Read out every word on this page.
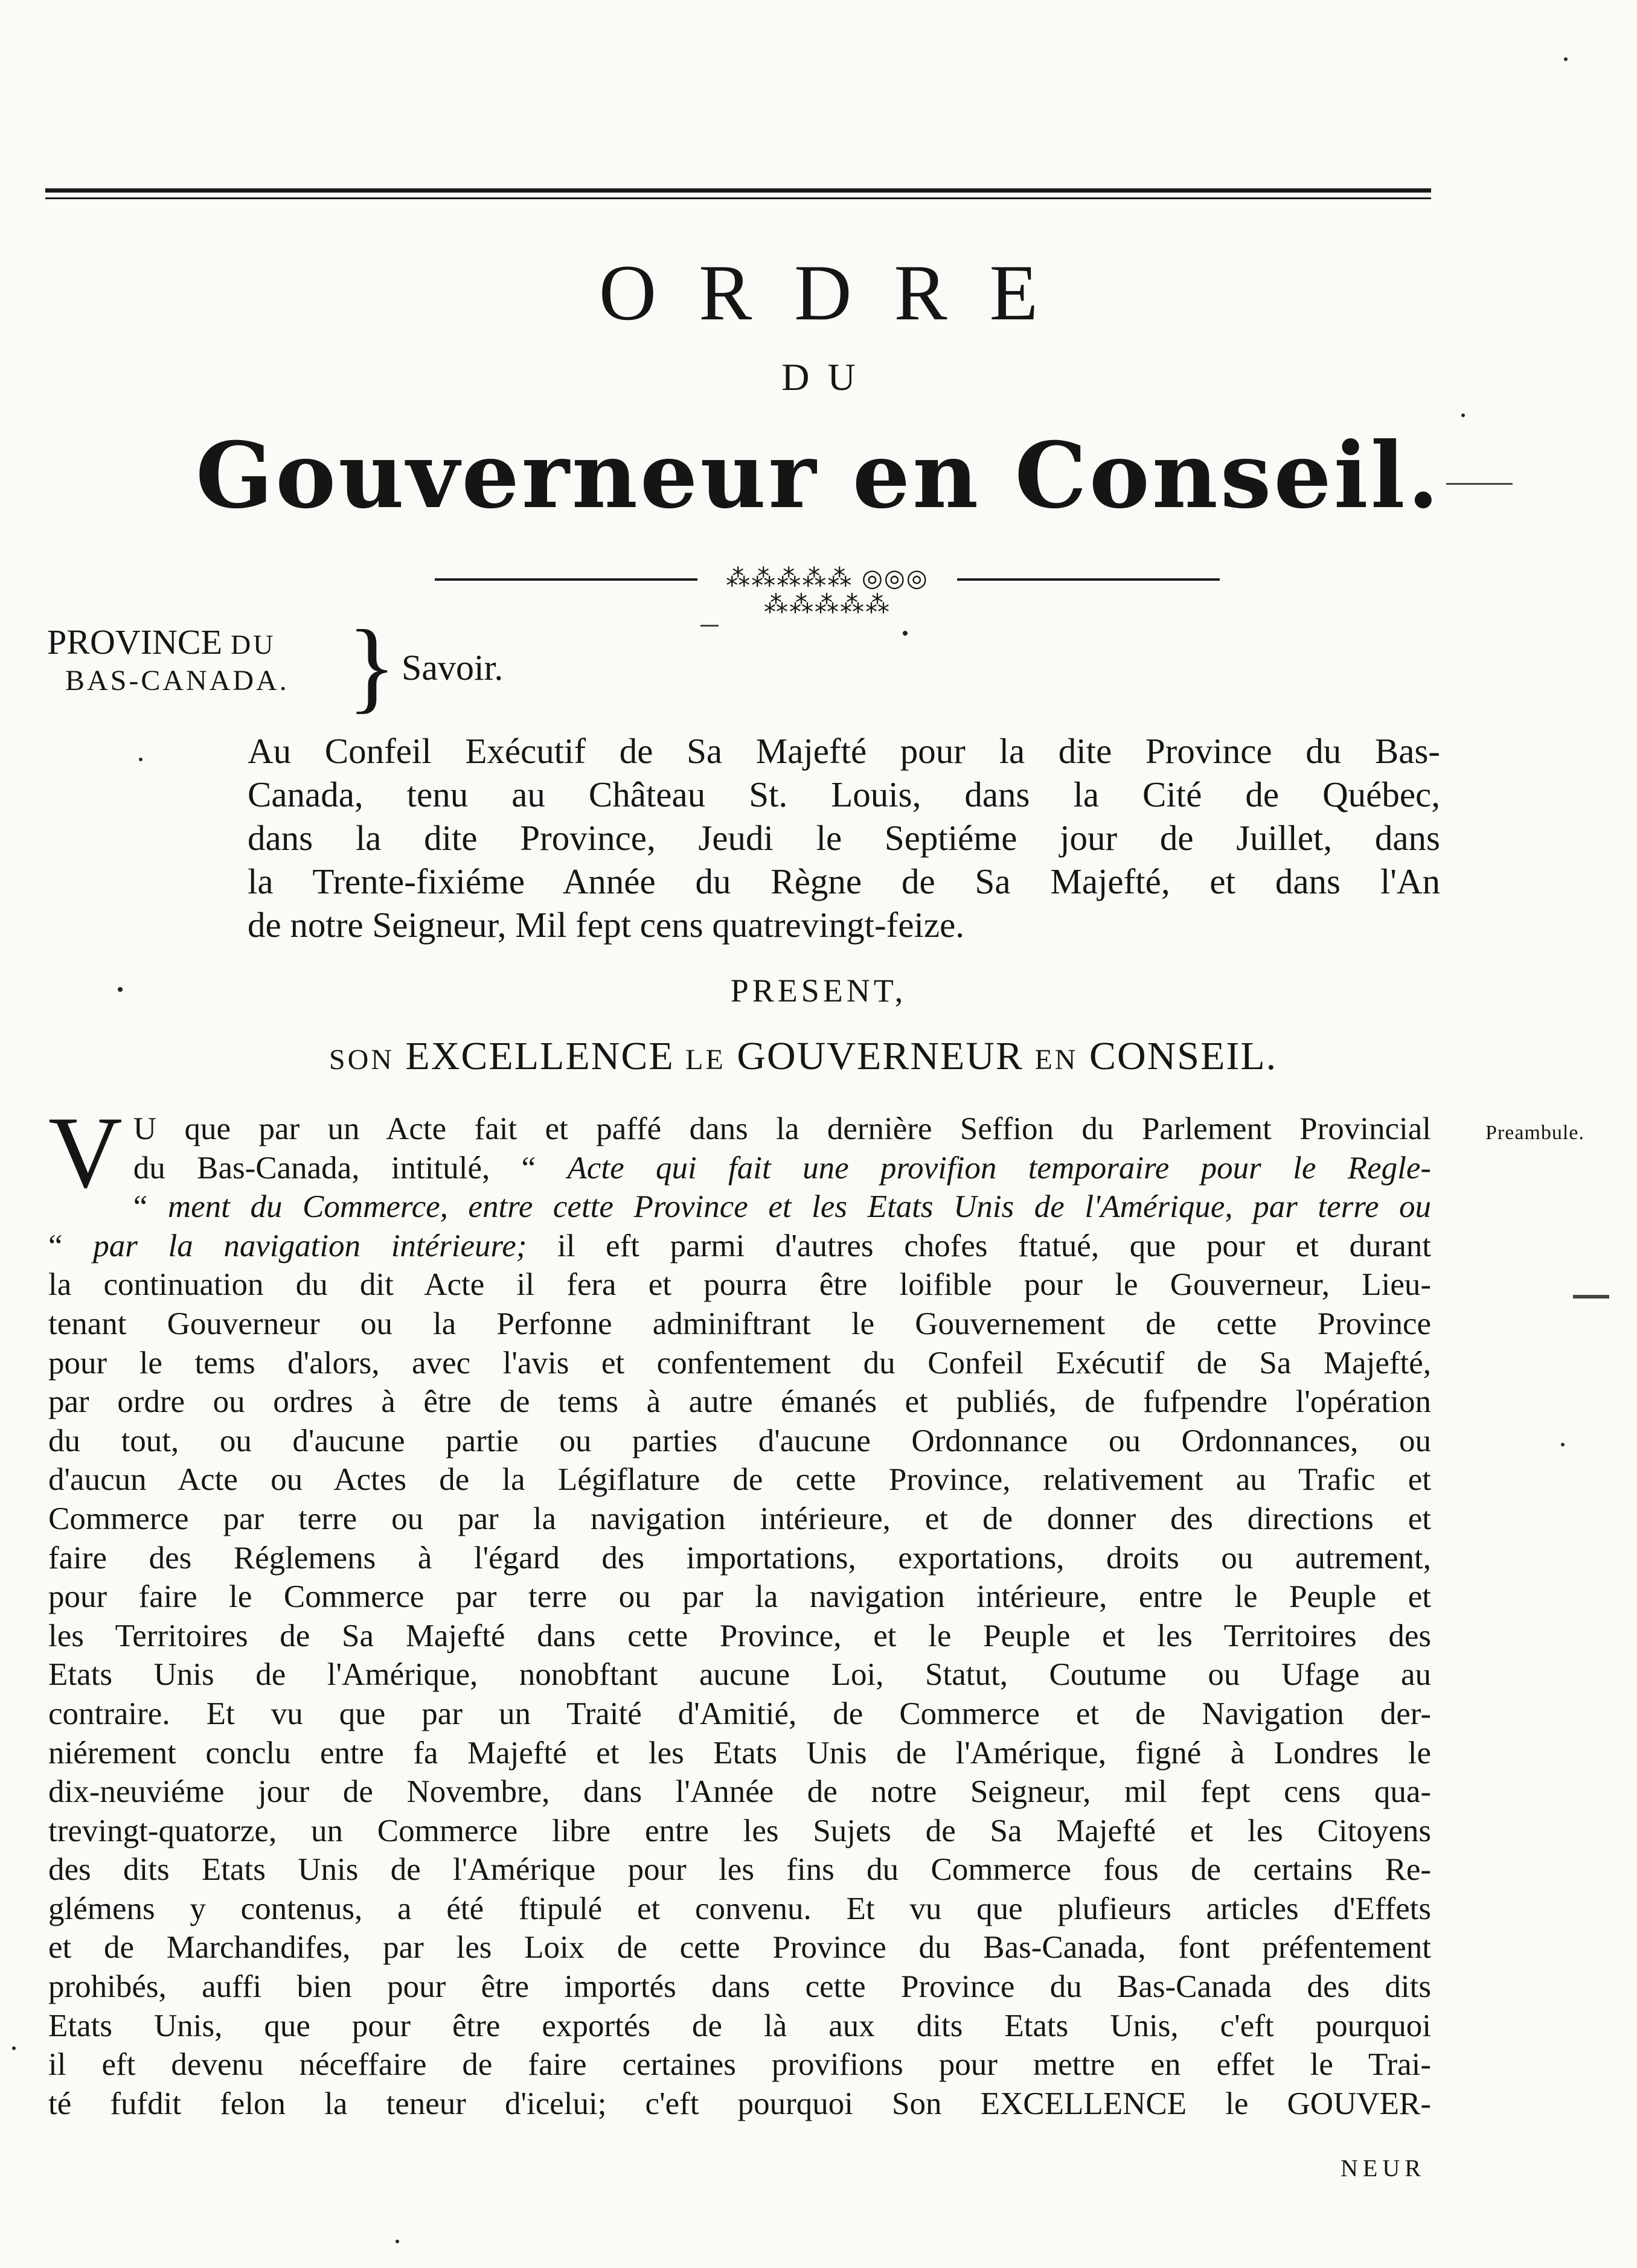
ORDRE
DU
Gouverneur en Conseil.
⁂⁂⁂⁂⁂ ◎◎◎ ⁂⁂⁂⁂⁂
PROVINCE DU
BAS-CANADA. } Savoir.
Au Confeil Exécutif de Sa Majefté pour la dite Province du Bas-
Canada, tenu au Château St. Louis, dans la Cité de Québec,
dans la dite Province, Jeudi le Septiéme jour de Juillet, dans
la Trente-fixiéme Année du Règne de Sa Majefté, et dans l'An
de notre Seigneur, Mil fept cens quatrevingt-feize.
PRESENT,
SON EXCELLENCE LE GOUVERNEUR EN CONSEIL.
Preambule.
V U que par un Acte fait et paffé dans la dernière Seffion du Parlement Provincial
du Bas-Canada, intitulé, “ Acte qui fait une provifion temporaire pour le Regle-
“ ment du Commerce, entre cette Province et les Etats Unis de l'Amérique, par terre ou
“ par la navigation intérieure; il eft parmi d'autres chofes ftatué, que pour et durant
la continuation du dit Acte il fera et pourra être loifible pour le Gouverneur, Lieu-
tenant Gouverneur ou la Perfonne adminiftrant le Gouvernement de cette Province
pour le tems d'alors, avec l'avis et confentement du Confeil Exécutif de Sa Majefté,
par ordre ou ordres à être de tems à autre émanés et publiés, de fufpendre l'opération
du tout, ou d'aucune partie ou parties d'aucune Ordonnance ou Ordonnances, ou
d'aucun Acte ou Actes de la Légiflature de cette Province, relativement au Trafic et
Commerce par terre ou par la navigation intérieure, et de donner des directions et
faire des Réglemens à l'égard des importations, exportations, droits ou autrement,
pour faire le Commerce par terre ou par la navigation intérieure, entre le Peuple et
les Territoires de Sa Majefté dans cette Province, et le Peuple et les Territoires des
Etats Unis de l'Amérique, nonobftant aucune Loi, Statut, Coutume ou Ufage au
contraire. Et vu que par un Traité d'Amitié, de Commerce et de Navigation der-
niérement conclu entre fa Majefté et les Etats Unis de l'Amérique, figné à Londres le
dix-neuviéme jour de Novembre, dans l'Année de notre Seigneur, mil fept cens qua-
trevingt-quatorze, un Commerce libre entre les Sujets de Sa Majefté et les Citoyens
des dits Etats Unis de l'Amérique pour les fins du Commerce fous de certains Re-
glémens y contenus, a été ftipulé et convenu. Et vu que plufieurs articles d'Effets
et de Marchandifes, par les Loix de cette Province du Bas-Canada, font préfentement
prohibés, auffi bien pour être importés dans cette Province du Bas-Canada des dits
Etats Unis, que pour être exportés de là aux dits Etats Unis, c'eft pourquoi
il eft devenu néceffaire de faire certaines provifions pour mettre en effet le Trai-
té fufdit felon la teneur d'icelui; c'eft pourquoi Son EXCELLENCE le GOUVER-
NEUR
